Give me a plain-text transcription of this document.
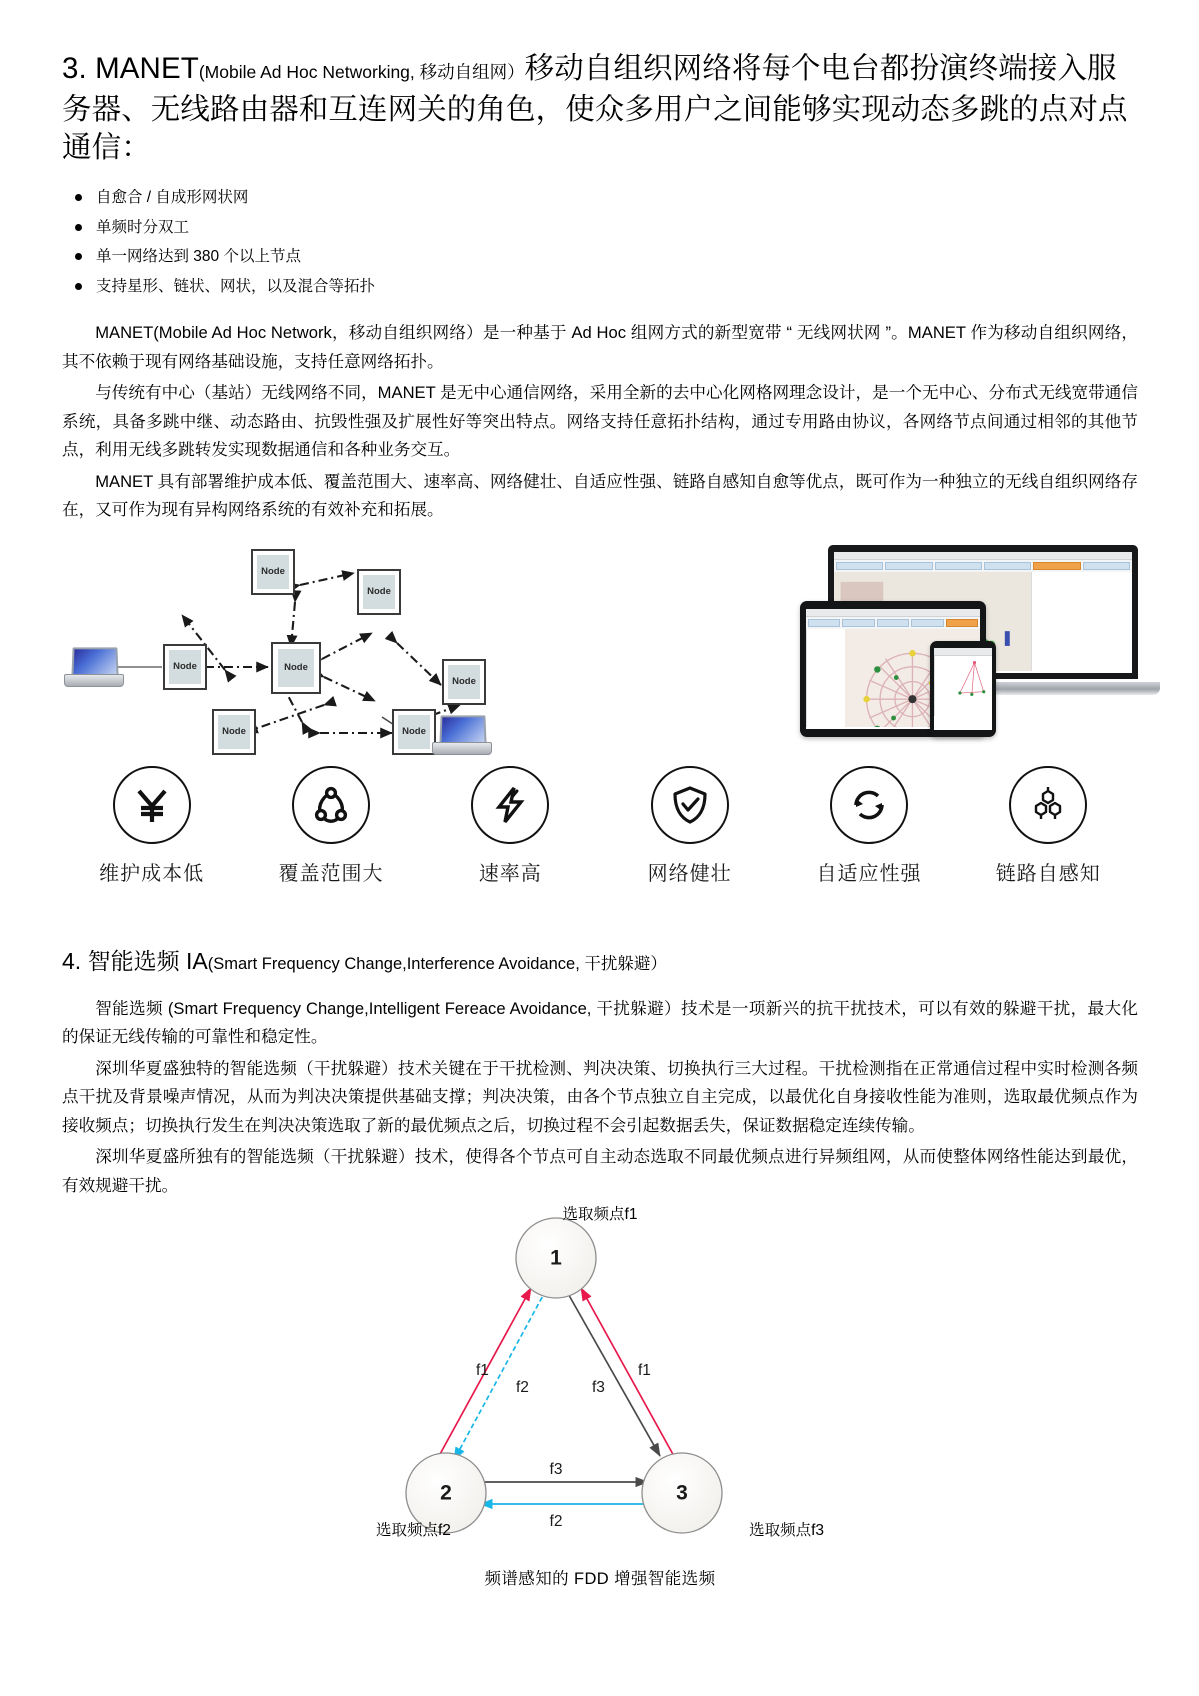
3. MANET(Mobile Ad Hoc Networking, 移动自组网）移动自组织网络将每个电台都扮演终端接入服务器、无线路由器和互连网关的角色，使众多用户之间能够实现动态多跳的点对点通信：
自愈合 / 自成形网状网
单频时分双工
单一网络达到 380 个以上节点
支持星形、链状、网状，以及混合等拓扑

MANET(Mobile Ad Hoc Network，移动自组织网络）是一种基于 Ad Hoc 组网方式的新型宽带 “ 无线网状网 ”。MANET 作为移动自组织网络，其不依赖于现有网络基础设施，支持任意网络拓扑。

与传统有中心（基站）无线网络不同，MANET 是无中心通信网络，采用全新的去中心化网格网理念设计，是一个无中心、分布式无线宽带通信系统，具备多跳中继、动态路由、抗毁性强及扩展性好等突出特点。网络支持任意拓扑结构，通过专用路由协议，各网络节点间通过相邻的其他节点，利用无线多跳转发实现数据通信和各种业务交互。

MANET 具有部署维护成本低、覆盖范围大、速率高、网络健壮、自适应性强、链路自感知自愈等优点，既可作为一种独立的无线自组织网络存在，又可作为现有异构网络系统的有效补充和拓展。

Node
Node
Node
Node
Node
Node	Node
维护成本低	覆盖范围大	速率高	网络健壮	自适应性强	链路自感知
4. 智能选频 IA(Smart Frequency Change,Interference Avoidance, 干扰躲避）

智能选频 (Smart Frequency Change,Intelligent Fereace Avoidance, 干扰躲避）技术是一项新兴的抗干扰技术，可以有效的躲避干扰，最大化的保证无线传输的可靠性和稳定性。

深圳华夏盛独特的智能选频（干扰躲避）技术关键在于干扰检测、判决决策、切换执行三大过程。干扰检测指在正常通信过程中实时检测各频点干扰及背景噪声情况，从而为判决决策提供基础支撑；判决决策，由各个节点独立自主完成，以最优化自身接收性能为准则，选取最优频点作为接收频点；切换执行发生在判决决策选取了新的最优频点之后，切换过程不会引起数据丢失，保证数据稳定连续传输。

深圳华夏盛所独有的智能选频（干扰躲避）技术，使得各个节点可自主动态选取不同最优频点进行异频组网，从而使整体网络性能达到最优，有效规避干扰。

1
2	3
f1
f2	f3
f1
f3
f2
选取频点f1
选取频点f2	选取频点f3
频谱感知的 FDD 增强智能选频
